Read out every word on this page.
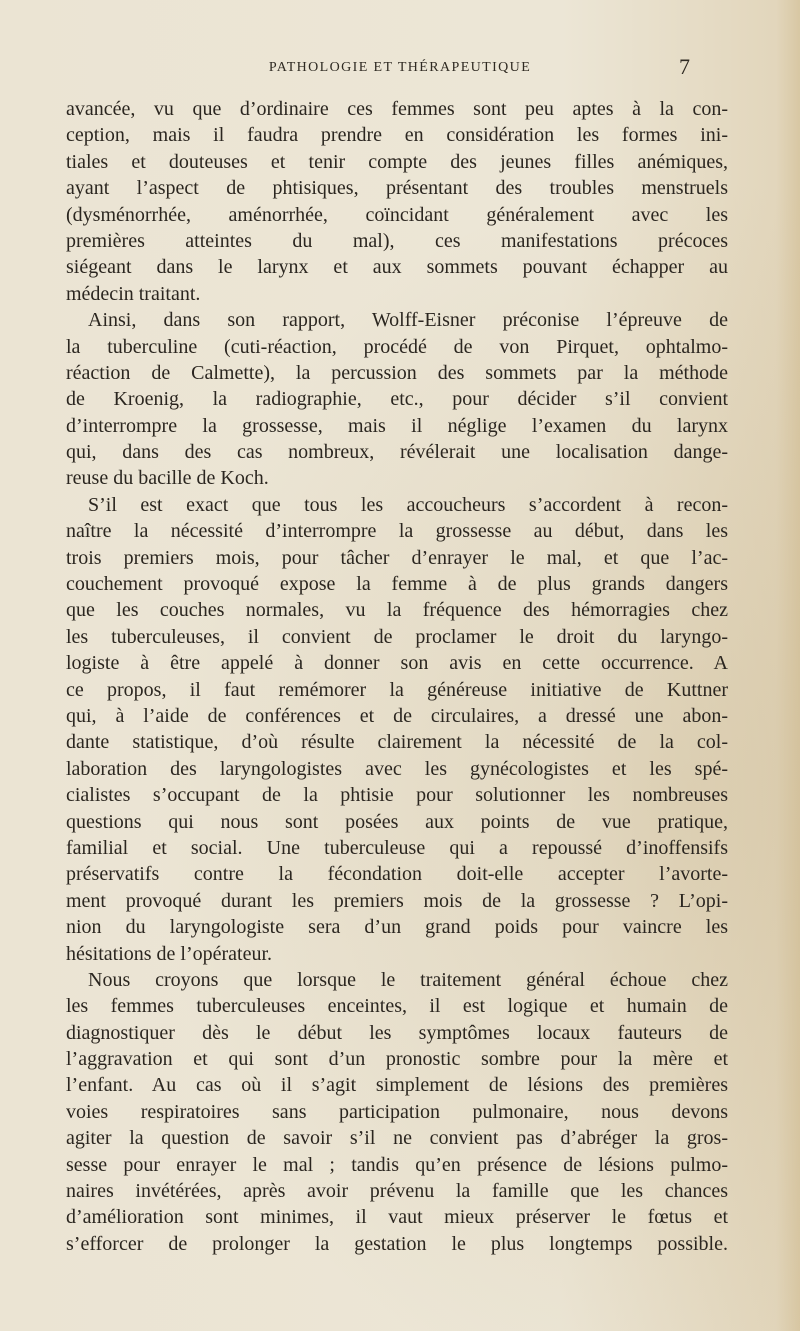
PATHOLOGIE ET THÉRAPEUTIQUE	7
avancée, vu que d’ordinaire ces femmes sont peu aptes à la con-
ception, mais il faudra prendre en considération les formes ini-
tiales et douteuses et tenir compte des jeunes filles anémiques,
ayant l’aspect de phtisiques, présentant des troubles menstruels
(dysménorrhée, aménorrhée, coïncidant généralement avec les
premières atteintes du mal), ces manifestations précoces
siégeant dans le larynx et aux sommets pouvant échapper au
médecin traitant.
Ainsi, dans son rapport, Wolff-Eisner préconise l’épreuve de
la tuberculine (cuti-réaction, procédé de von Pirquet, ophtalmo-
réaction de Calmette), la percussion des sommets par la méthode
de Kroenig, la radiographie, etc., pour décider s’il convient
d’interrompre la grossesse, mais il néglige l’examen du larynx
qui, dans des cas nombreux, révélerait une localisation dange-
reuse du bacille de Koch.
S’il est exact que tous les accoucheurs s’accordent à recon-
naître la nécessité d’interrompre la grossesse au début, dans les
trois premiers mois, pour tâcher d’enrayer le mal, et que l’ac-
couchement provoqué expose la femme à de plus grands dangers
que les couches normales, vu la fréquence des hémorragies chez
les tuberculeuses, il convient de proclamer le droit du laryngo-
logiste à être appelé à donner son avis en cette occurrence. A
ce propos, il faut remémorer la généreuse initiative de Kuttner
qui, à l’aide de conférences et de circulaires, a dressé une abon-
dante statistique, d’où résulte clairement la nécessité de la col-
laboration des laryngologistes avec les gynécologistes et les spé-
cialistes s’occupant de la phtisie pour solutionner les nombreuses
questions qui nous sont posées aux points de vue pratique,
familial et social. Une tuberculeuse qui a repoussé d’inoffensifs
préservatifs contre la fécondation doit-elle accepter l’avorte-
ment provoqué durant les premiers mois de la grossesse ? L’opi-
nion du laryngologiste sera d’un grand poids pour vaincre les
hésitations de l’opérateur.
Nous croyons que lorsque le traitement général échoue chez
les femmes tuberculeuses enceintes, il est logique et humain de
diagnostiquer dès le début les symptômes locaux fauteurs de
l’aggravation et qui sont d’un pronostic sombre pour la mère et
l’enfant. Au cas où il s’agit simplement de lésions des premières
voies respiratoires sans participation pulmonaire, nous devons
agiter la question de savoir s’il ne convient pas d’abréger la gros-
sesse pour enrayer le mal ; tandis qu’en présence de lésions pulmo-
naires invétérées, après avoir prévenu la famille que les chances
d’amélioration sont minimes, il vaut mieux préserver le fœtus et
s’efforcer de prolonger la gestation le plus longtemps possible.
